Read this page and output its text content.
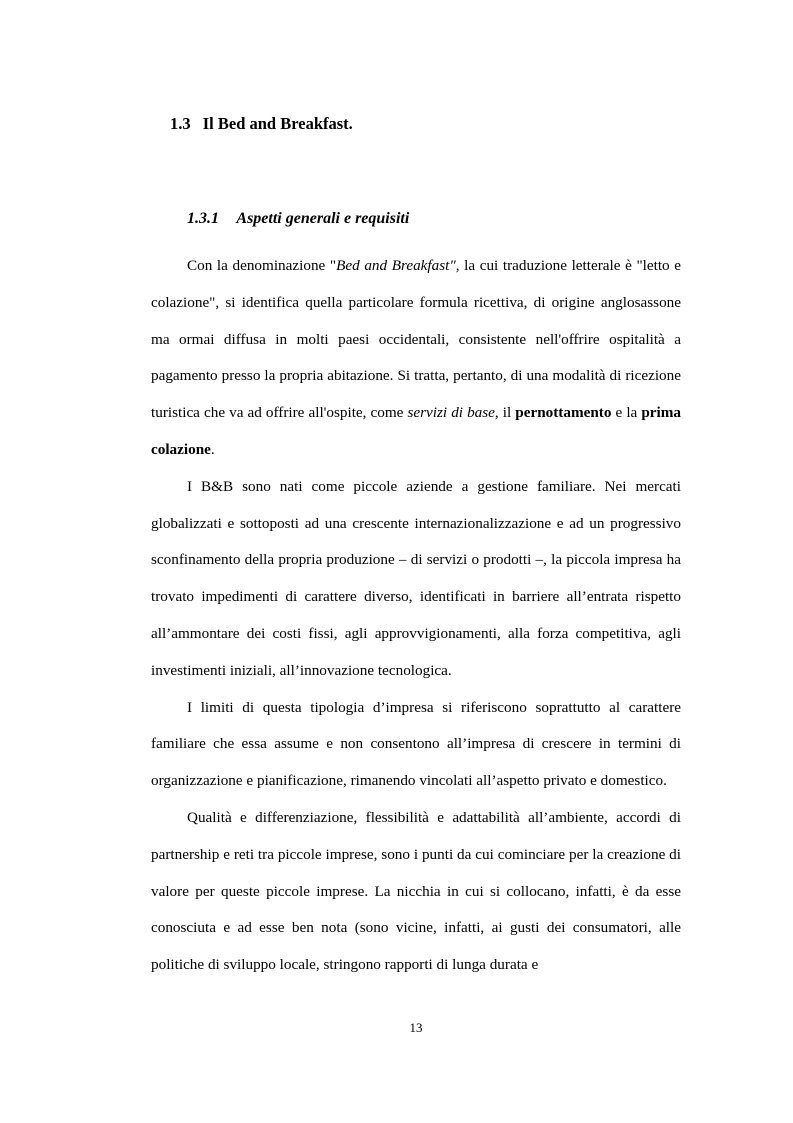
1.3 Il Bed and Breakfast.
1.3.1 Aspetti generali e requisiti

Con la denominazione "Bed and Breakfast", la cui traduzione letterale è "letto e colazione", si identifica quella particolare formula ricettiva, di origine anglosassone ma ormai diffusa in molti paesi occidentali, consistente nell'offrire ospitalità a pagamento presso la propria abitazione. Si tratta, pertanto, di una modalità di ricezione turistica che va ad offrire all'ospite, come servizi di base, il pernottamento e la prima colazione.

I B&B sono nati come piccole aziende a gestione familiare. Nei mercati globalizzati e sottoposti ad una crescente internazionalizzazione e ad un progressivo sconfinamento della propria produzione – di servizi o prodotti –, la piccola impresa ha trovato impedimenti di carattere diverso, identificati in barriere all’entrata rispetto all’ammontare dei costi fissi, agli approvvigionamenti, alla forza competitiva, agli investimenti iniziali, all’innovazione tecnologica.

I limiti di questa tipologia d’impresa si riferiscono soprattutto al carattere familiare che essa assume e non consentono all’impresa di crescere in termini di organizzazione e pianificazione, rimanendo vincolati all’aspetto privato e domestico.

Qualità e differenziazione, flessibilità e adattabilità all’ambiente, accordi di partnership e reti tra piccole imprese, sono i punti da cui cominciare per la creazione di valore per queste piccole imprese. La nicchia in cui si collocano, infatti, è da esse conosciuta e ad esse ben nota (sono vicine, infatti, ai gusti dei consumatori, alle politiche di sviluppo locale, stringono rapporti di lunga durata e

13
